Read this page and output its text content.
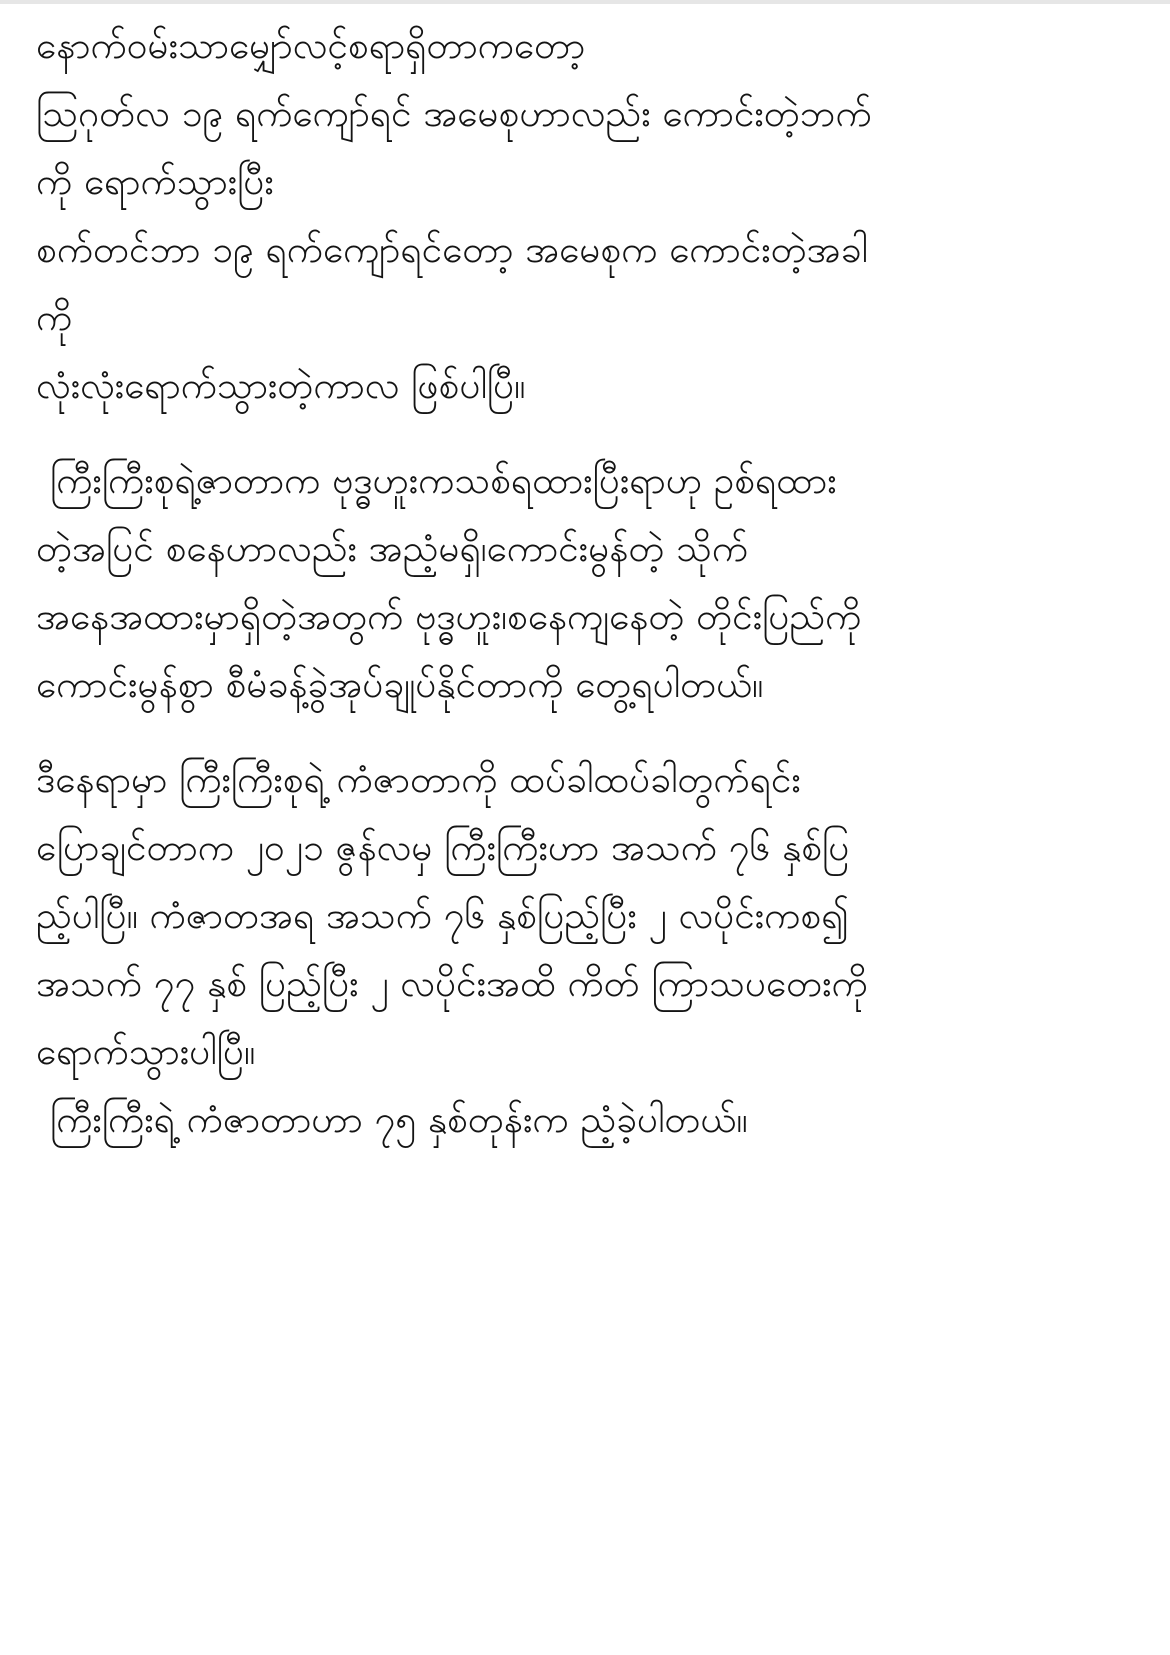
နောက်ဝမ်းသာမျှော်လင့်စရာရှိတာကတော့
ဩဂုတ်လ ၁၉ ရက်ကျော်ရင် အမေစုဟာလည်း ကောင်းတဲ့ဘက်
ကို ရောက်သွားပြီး
စက်တင်ဘာ ၁၉ ရက်ကျော်ရင်တော့ အမေစုက ကောင်းတဲ့အခါ
ကို
လုံးလုံးရောက်သွားတဲ့ကာလ ဖြစ်ပါပြီ။
ကြီးကြီးစုရဲ့ဇာတာက ဗုဒ္ဓဟူးကသစ်ရထားပြီးရာဟု ဥစ်ရထား
တဲ့အပြင် စနေဟာလည်း အညံ့မရှိ၊ကောင်းမွန်တဲ့ သိုက်
အနေအထားမှာရှိတဲ့အတွက် ဗုဒ္ဓဟူး၊စနေကျနေတဲ့ တိုင်းပြည်ကို
ကောင်းမွန်စွာ စီမံခန့်ခွဲအုပ်ချုပ်နိုင်တာကို တွေ့ရပါတယ်။
ဒီနေရာမှာ ကြီးကြီးစုရဲ့ ကံဇာတာကို ထပ်ခါထပ်ခါတွက်ရင်း
ပြောချင်တာက ၂၀၂၁ ဇွန်လမှ ကြီးကြီးဟာ အသက် ၇၆ နှစ်ပြ
ည့်ပါပြီ။ ကံဇာတအရ အသက် ၇၆ နှစ်ပြည့်ပြီး ၂ လပိုင်းကစ၍
အသက် ၇၇ နှစ် ပြည့်ပြီး ၂ လပိုင်းအထိ ကိတ် ကြာသပတေးကို
ရောက်သွားပါပြီ။
ကြီးကြီးရဲ့ ကံဇာတာဟာ ၇၅ နှစ်တုန်းက ညံ့ခဲ့ပါတယ်။
